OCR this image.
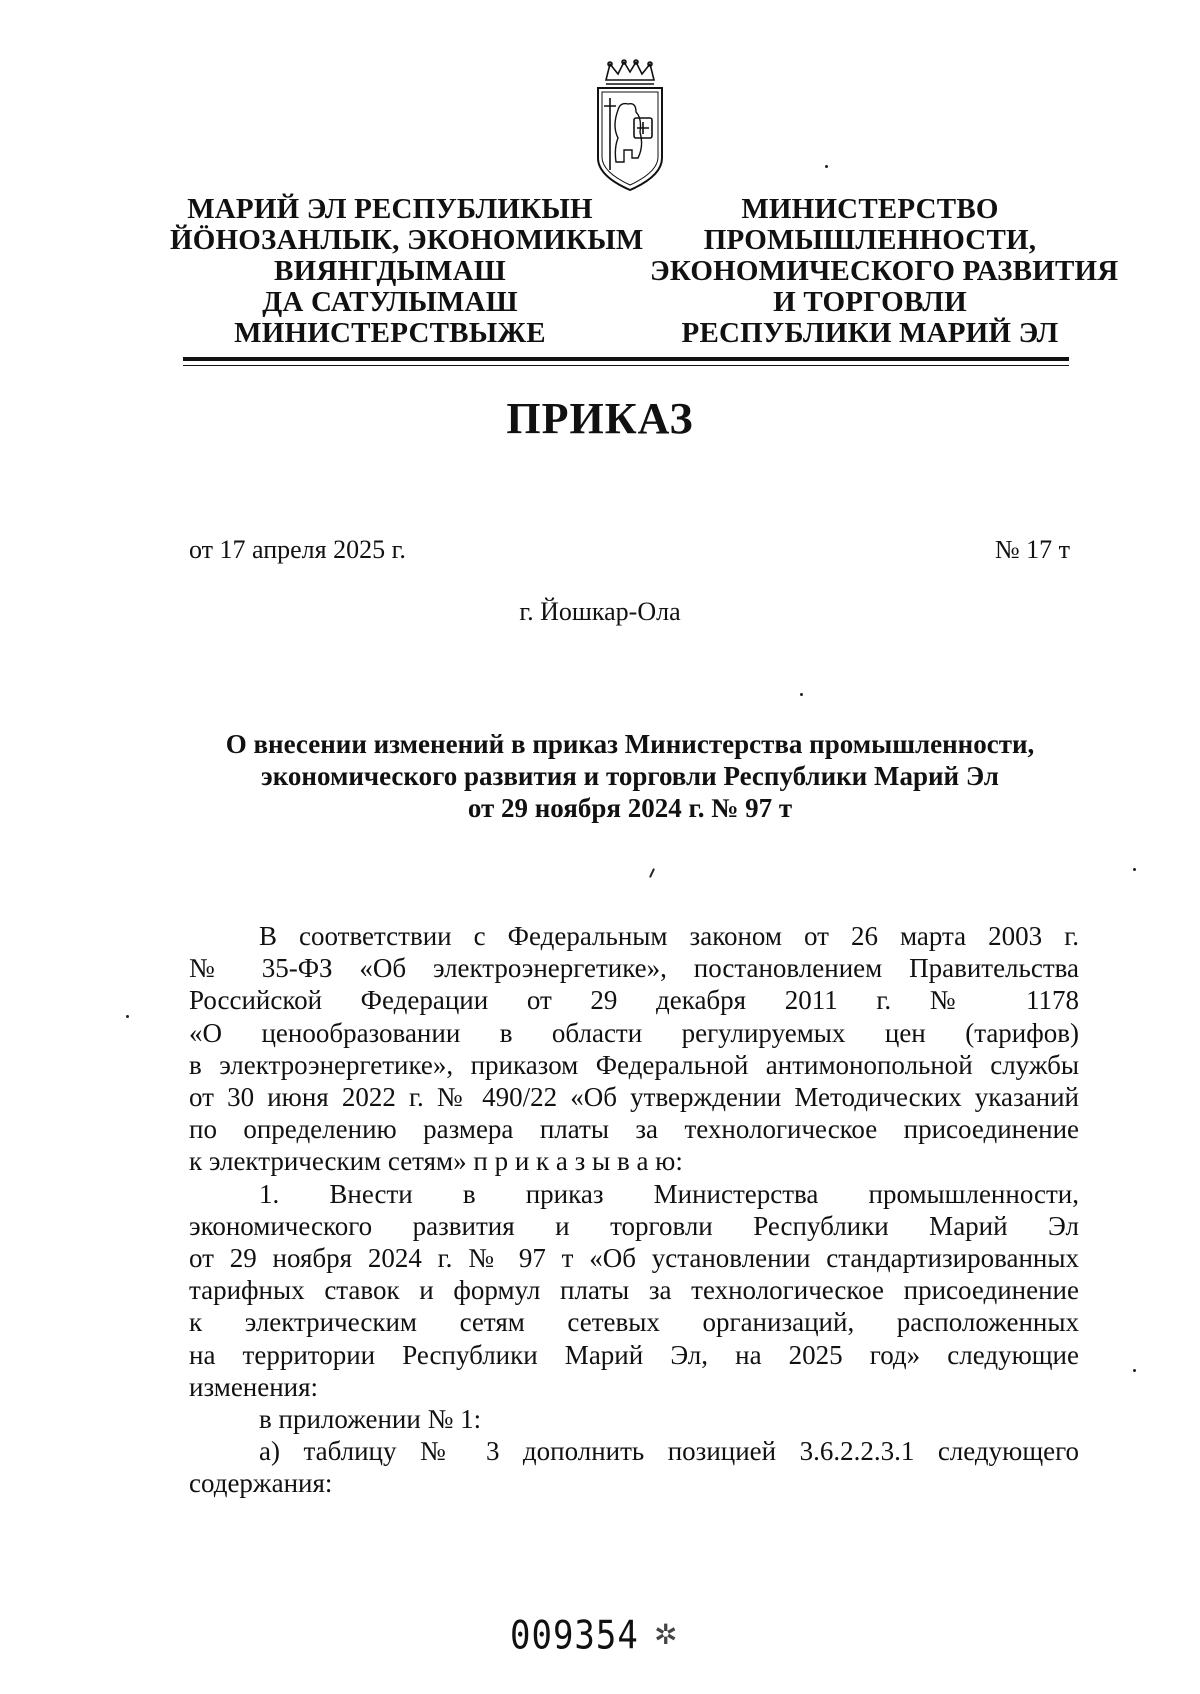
МАРИЙ ЭЛ РЕСПУБЛИКЫН
ЙӦНОЗАНЛЫК, ЭКОНОМИКЫМ
ВИЯНГДЫМАШ
ДА САТУЛЫМАШ
МИНИСТЕРСТВЫЖЕ
МИНИСТЕРСТВО
ПРОМЫШЛЕННОСТИ,
ЭКОНОМИЧЕСКОГО РАЗВИТИЯ
И ТОРГОВЛИ
РЕСПУБЛИКИ МАРИЙ ЭЛ
ПРИКАЗ
от 17 апреля 2025 г.	№ 17 т
г. Йошкар-Ола
О внесении изменений в приказ Министерства промышленности,
экономического развития и торговли Республики Марий Эл
от 29 ноября 2024 г. № 97 т
В соответствии с Федеральным законом от 26 марта 2003 г.
№ 35-ФЗ «Об электроэнергетике», постановлением Правительства
Российской Федерации от 29 декабря 2011 г. № 1178
«О ценообразовании в области регулируемых цен (тарифов)
в электроэнергетике», приказом Федеральной антимонопольной службы
от 30 июня 2022 г. № 490/22 «Об утверждении Методических указаний
по определению размера платы за технологическое присоединение
к электрическим сетям» п р и к а з ы в а ю:
1. Внести в приказ Министерства промышленности,
экономического развития и торговли Республики Марий Эл
от 29 ноября 2024 г. № 97 т «Об установлении стандартизированных
тарифных ставок и формул платы за технологическое присоединение
к электрическим сетям сетевых организаций, расположенных
на территории Республики Марий Эл, на 2025 год» следующие
изменения:
в приложении № 1:
а) таблицу № 3 дополнить позицией 3.6.2.2.3.1 следующего
содержания:
009354 ✲
